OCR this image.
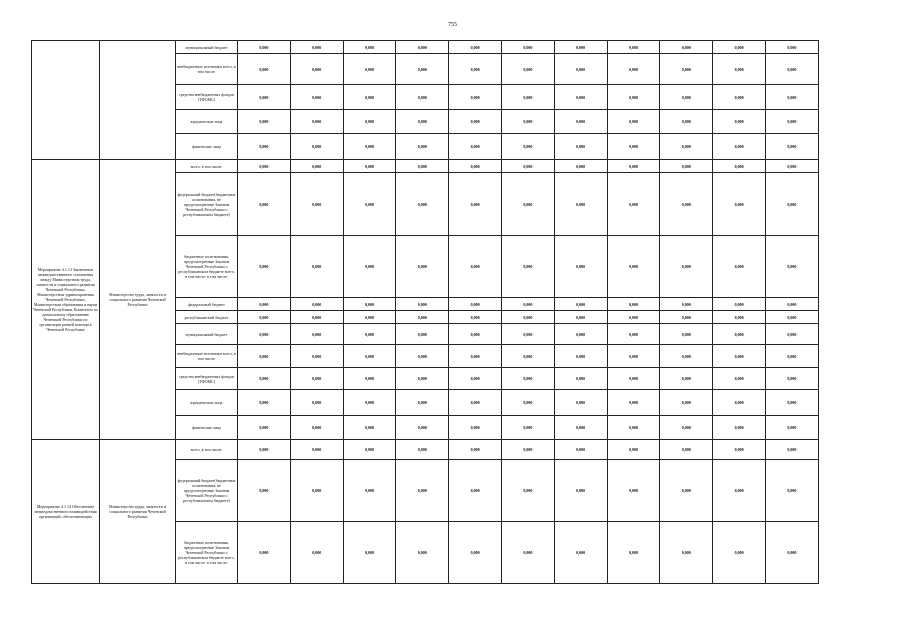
755
		муниципальный бюджет	0,000	0,000	0,000	0,000	0,000	0,000	0,000	0,000	0,000	0,000	0,000
		внебюджетные источники всего, в том числе:	0,000	0,000	0,000	0,000	0,000	0,000	0,000	0,000	0,000	0,000	0,000
		средства внебюджетных фондов (ТФОМС)	0,000	0,000	0,000	0,000	0,000	0,000	0,000	0,000	0,000	0,000	0,000
		юридические лица	0,000	0,000	0,000	0,000	0,000	0,000	0,000	0,000	0,000	0,000	0,000
		физические лица	0,000	0,000	0,000	0,000	0,000	0,000	0,000	0,000	0,000	0,000	0,000
Мероприятие 4.1.13 Заключение межведомственного соглашения между Министерством труда, занятости и социального развития Чеченской Республики, Министерством здравоохранения Чеченской Республики, Министерством образования и науки Чеченской Республики, Комитетом по дошкольному образованию Чеченской Республики по организации ранней помощи в Чеченской Республике	Министерство труда, занятости и социального развития Чеченской Республики	всего, в том числе:	0,000	0,000	0,000	0,000	0,000	0,000	0,000	0,000	0,000	0,000	0,000
		федеральный бюджет(бюджетные ассигнования, не предусмотренные Законом Чеченской Республики о республиканском бюджете)	0,000	0,000	0,000	0,000	0,000	0,000	0,000	0,000	0,000	0,000	0,000
		бюджетные ассигнования, предусмотренные Законом Чеченской Республики о республиканском бюджете всего, в том числе: в том числе:	0,000	0,000	0,000	0,000	0,000	0,000	0,000	0,000	0,000	0,000	0,000
		федеральный бюджет	0,000	0,000	0,000	0,000	0,000	0,000	0,000	0,000	0,000	0,000	0,000
		республиканский бюджет	0,000	0,000	0,000	0,000	0,000	0,000	0,000	0,000	0,000	0,000	0,000
		муниципальный бюджет	0,000	0,000	0,000	0,000	0,000	0,000	0,000	0,000	0,000	0,000	0,000
		внебюджетные источники всего, в том числе:	0,000	0,000	0,000	0,000	0,000	0,000	0,000	0,000	0,000	0,000	0,000
		средства внебюджетных фондов (ТФОМС)	0,000	0,000	0,000	0,000	0,000	0,000	0,000	0,000	0,000	0,000	0,000
		юридические лица	0,000	0,000	0,000	0,000	0,000	0,000	0,000	0,000	0,000	0,000	0,000
		физические лица	0,000	0,000	0,000	0,000	0,000	0,000	0,000	0,000	0,000	0,000	0,000
Мероприятие 4.1.14 Обеспечение межведомственного взаимодействия организаций, обеспечивающих	Министерство труда, занятости и социального развития Чеченской Республики	всего, в том числе:	0,000	0,000	0,000	0,000	0,000	0,000	0,000	0,000	0,000	0,000	0,000
		федеральный бюджет(бюджетные ассигнования, не предусмотренные Законом Чеченской Республики о республиканском бюджете)	0,000	0,000	0,000	0,000	0,000	0,000	0,000	0,000	0,000	0,000	0,000
		бюджетные ассигнования, предусмотренные Законом Чеченской Республики о республиканском бюджете всего, в том числе: в том числе:	0,000	0,000	0,000	0,000	0,000	0,000	0,000	0,000	0,000	0,000	0,000
